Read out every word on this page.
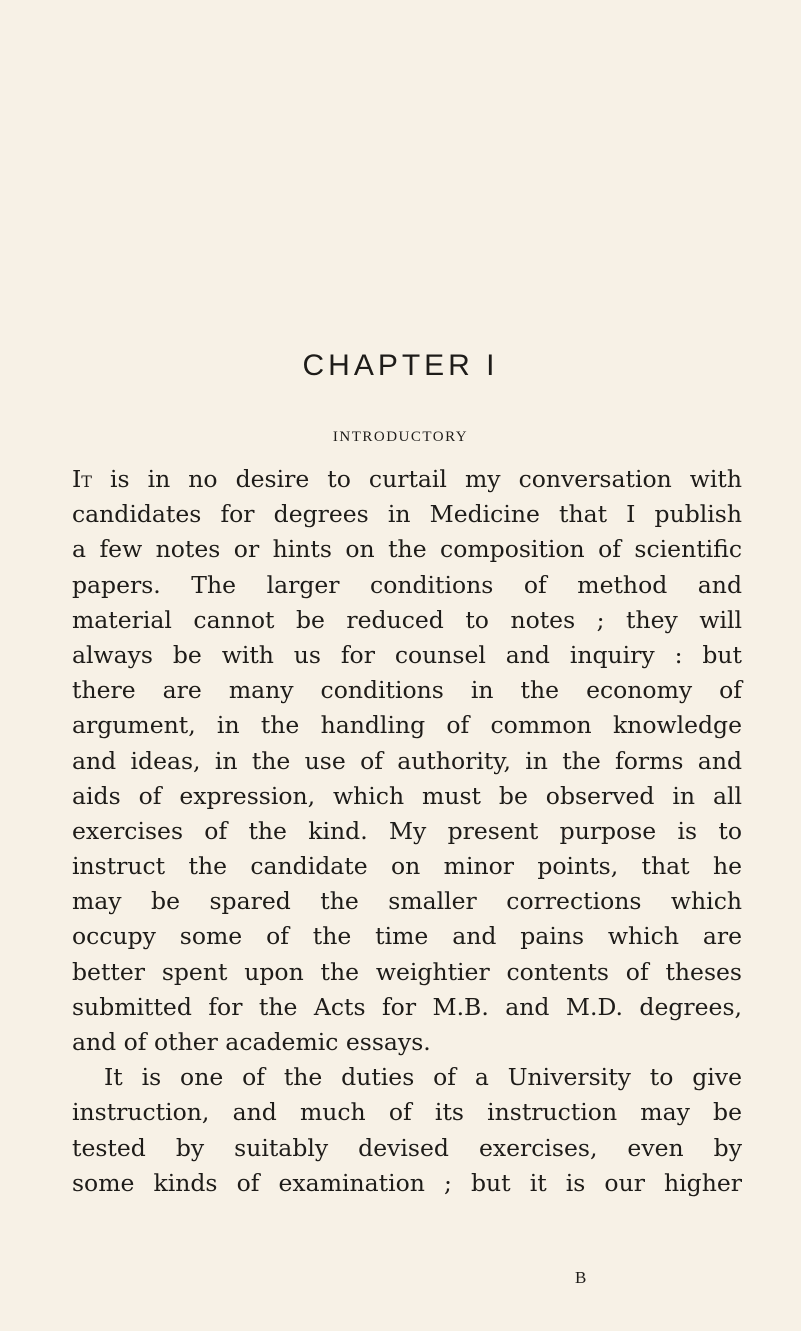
CHAPTER I
INTRODUCTORY
It is in no desire to curtail my conversation with
candidates for degrees in Medicine that I publish
a few notes or hints on the composition of scientific
papers. The larger conditions of method and
material cannot be reduced to notes ; they will
always be with us for counsel and inquiry : but
there are many conditions in the economy of
argument, in the handling of common knowledge
and ideas, in the use of authority, in the forms and
aids of expression, which must be observed in all
exercises of the kind. My present purpose is to
instruct the candidate on minor points, that he
may be spared the smaller corrections which
occupy some of the time and pains which are
better spent upon the weightier contents of theses
submitted for the Acts for M.B. and M.D. degrees,
and of other academic essays.
It is one of the duties of a University to give
instruction, and much of its instruction may be
tested by suitably devised exercises, even by
some kinds of examination ; but it is our higher
B
